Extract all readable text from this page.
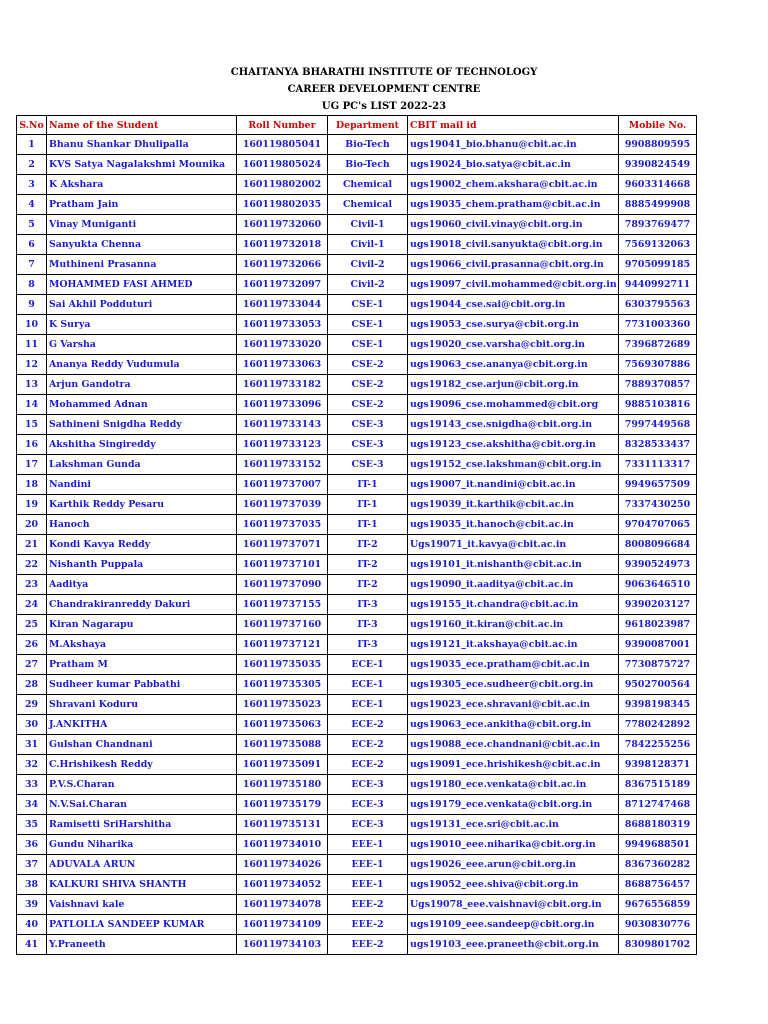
CHAITANYA BHARATHI INSTITUTE OF TECHNOLOGY
CAREER DEVELOPMENT CENTRE
UG PC's LIST 2022-23
S.No	Name of the Student	Roll Number	Department	CBIT mail id	Mobile No.
1	Bhanu Shankar Dhulipalla	160119805041	Bio-Tech	ugs19041_bio.bhanu@cbit.ac.in	9908809595
2	KVS Satya Nagalakshmi Mounika	160119805024	Bio-Tech	ugs19024_bio.satya@cbit.ac.in	9390824549
3	K Akshara	160119802002	Chemical	ugs19002_chem.akshara@cbit.ac.in	9603314668
4	Pratham Jain	160119802035	Chemical	ugs19035_chem.pratham@cbit.ac.in	8885499908
5	Vinay Muniganti	160119732060	Civil-1	ugs19060_civil.vinay@cbit.org.in	7893769477
6	Sanyukta Chenna	160119732018	Civil-1	ugs19018_civil.sanyukta@cbit.org.in	7569132063
7	Muthineni Prasanna	160119732066	Civil-2	ugs19066_civil.prasanna@cbit.org.in	9705099185
8	MOHAMMED FASI AHMED	160119732097	Civil-2	ugs19097_civil.mohammed@cbit.org.in	9440992711
9	Sai Akhil Podduturi	160119733044	CSE-1	ugs19044_cse.sai@cbit.org.in	6303795563
10	K Surya	160119733053	CSE-1	ugs19053_cse.surya@cbit.org.in	7731003360
11	G Varsha	160119733020	CSE-1	ugs19020_cse.varsha@cbit.org.in	7396872689
12	Ananya Reddy Vudumula	160119733063	CSE-2	ugs19063_cse.ananya@cbit.org.in	7569307886
13	Arjun Gandotra	160119733182	CSE-2	ugs19182_cse.arjun@cbit.org.in	7889370857
14	Mohammed Adnan	160119733096	CSE-2	ugs19096_cse.mohammed@cbit.org	9885103816
15	Sathineni Snigdha Reddy	160119733143	CSE-3	ugs19143_cse.snigdha@cbit.org.in	7997449568
16	Akshitha Singireddy	160119733123	CSE-3	ugs19123_cse.akshitha@cbit.org.in	8328533437
17	Lakshman Gunda	160119733152	CSE-3	ugs19152_cse.lakshman@cbit.org.in	7331113317
18	Nandini	160119737007	IT-1	ugs19007_it.nandini@cbit.ac.in	9949657509
19	Karthik Reddy Pesaru	160119737039	IT-1	ugs19039_it.karthik@cbit.ac.in	7337430250
20	Hanoch	160119737035	IT-1	ugs19035_it.hanoch@cbit.ac.in	9704707065
21	Kondi Kavya Reddy	160119737071	IT-2	Ugs19071_it.kavya@cbit.ac.in	8008096684
22	Nishanth Puppala	160119737101	IT-2	ugs19101_it.nishanth@cbit.ac.in	9390524973
23	Aaditya	160119737090	IT-2	ugs19090_it.aaditya@cbit.ac.in	9063646510
24	Chandrakiranreddy Dakuri	160119737155	IT-3	ugs19155_it.chandra@cbit.ac.in	9390203127
25	Kiran Nagarapu	160119737160	IT-3	ugs19160_it.kiran@cbit.ac.in	9618023987
26	M.Akshaya	160119737121	IT-3	ugs19121_it.akshaya@cbit.ac.in	9390087001
27	Pratham M	160119735035	ECE-1	ugs19035_ece.pratham@cbit.ac.in	7730875727
28	Sudheer kumar Pabbathi	160119735305	ECE-1	ugs19305_ece.sudheer@cbit.org.in	9502700564
29	Shravani Koduru	160119735023	ECE-1	ugs19023_ece.shravani@cbit.ac.in	9398198345
30	J.ANKITHA	160119735063	ECE-2	ugs19063_ece.ankitha@cbit.org.in	7780242892
31	Gulshan Chandnani	160119735088	ECE-2	ugs19088_ece.chandnani@cbit.ac.in	7842255256
32	C.Hrishikesh Reddy	160119735091	ECE-2	ugs19091_ece.hrishikesh@cbit.ac.in	9398128371
33	P.V.S.Charan	160119735180	ECE-3	ugs19180_ece.venkata@cbit.ac.in	8367515189
34	N.V.Sai.Charan	160119735179	ECE-3	ugs19179_ece.venkata@cbit.org.in	8712747468
35	Ramisetti SriHarshitha	160119735131	ECE-3	ugs19131_ece.sri@cbit.ac.in	8688180319
36	Gundu Niharika	160119734010	EEE-1	ugs19010_eee.niharika@cbit.org.in	9949688501
37	ADUVALA ARUN	160119734026	EEE-1	ugs19026_eee.arun@cbit.org.in	8367360282
38	KALKURI SHIVA SHANTH	160119734052	EEE-1	ugs19052_eee.shiva@cbit.org.in	8688756457
39	Vaishnavi kale	160119734078	EEE-2	Ugs19078_eee.vaishnavi@cbit.org.in	9676556859
40	PATLOLLA SANDEEP KUMAR	160119734109	EEE-2	ugs19109_eee.sandeep@cbit.org.in	9030830776
41	Y.Praneeth	160119734103	EEE-2	ugs19103_eee.praneeth@cbit.org.in	8309801702
